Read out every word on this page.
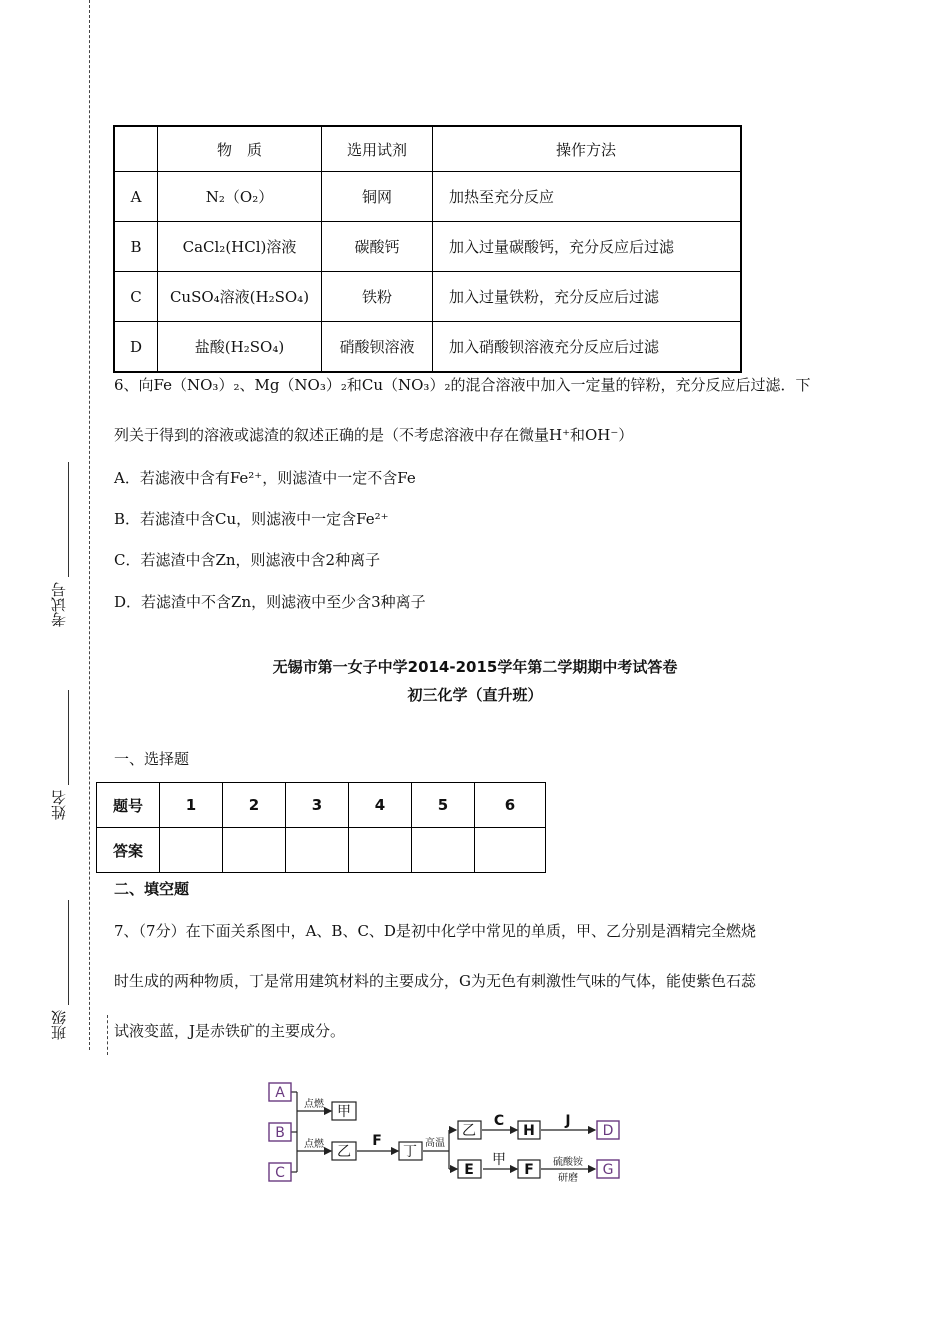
考试号
姓名
班级
	物　质	选用试剂	操作方法
A	N₂（O₂）	铜网	加热至充分反应
B	CaCl₂(HCl)溶液	碳酸钙	加入过量碳酸钙，充分反应后过滤
C	CuSO₄溶液(H₂SO₄)	铁粉	加入过量铁粉，充分反应后过滤
D	盐酸(H₂SO₄)	硝酸钡溶液	加入硝酸钡溶液充分反应后过滤
6、向Fe（NO₃）₂、Mg（NO₃）₂和Cu（NO₃）₂的混合溶液中加入一定量的锌粉，充分反应后过滤．下
列关于得到的溶液或滤渣的叙述正确的是（不考虑溶液中存在微量H⁺和OH⁻）
A．若滤液中含有Fe²⁺，则滤渣中一定不含Fe
B．若滤渣中含Cu，则滤液中一定含Fe²⁺
C．若滤渣中含Zn，则滤液中含2种离子
D．若滤渣中不含Zn，则滤液中至少含3种离子
无锡市第一女子中学2014-2015学年第二学期期中考试答卷
初三化学（直升班）
一、选择题
题号	1	2	3	4	5	6
答案						
二、填空题
7、（7分）在下面关系图中，A、B、C、D是初中化学中常见的单质，甲、乙分别是酒精完全燃烧
时生成的两种物质，丁是常用建筑材料的主要成分，G为无色有刺激性气味的气体，能使紫色石蕊
试液变蓝，J是赤铁矿的主要成分。
A
B
C
D
G
甲
乙	丁
乙	H
E	F
点燃
点燃	高温
硫酸铵
研磨
F
C	J
甲
